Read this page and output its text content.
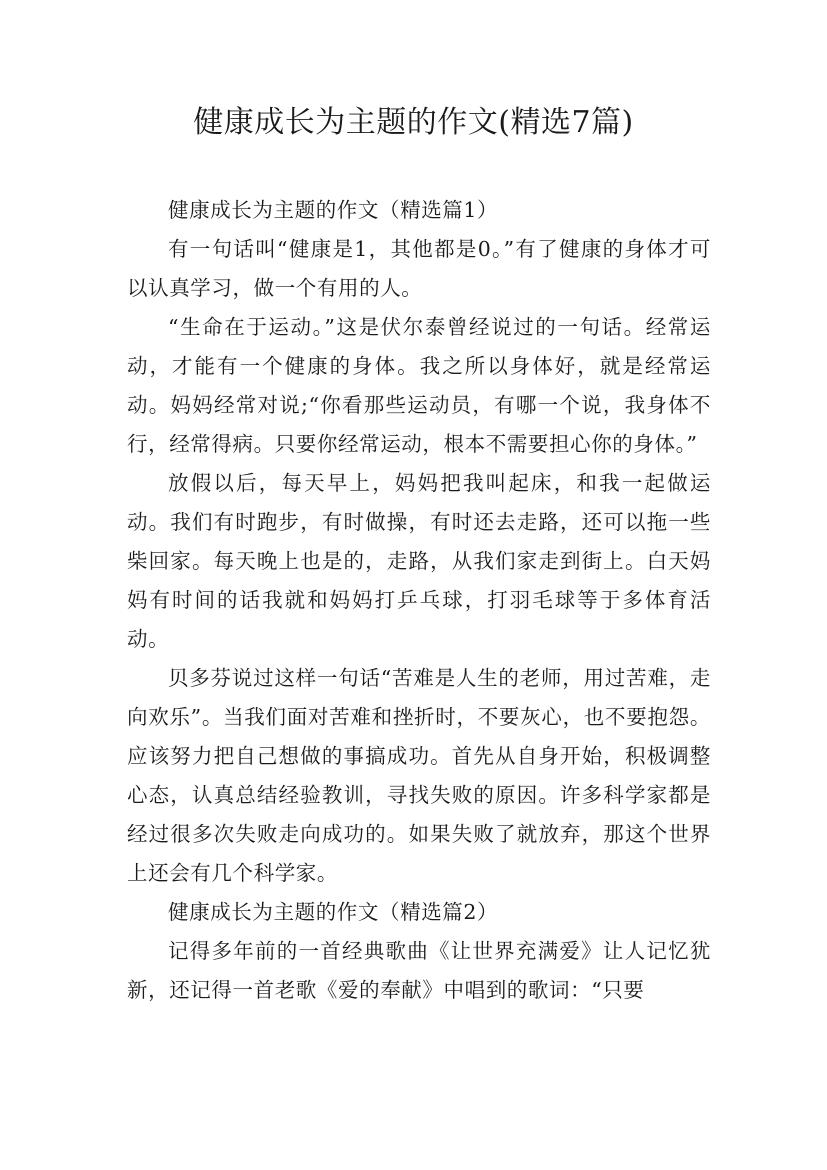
健康成长为主题的作文(精选7篇)

健康成长为主题的作文（精选篇1）

有一句话叫“健康是1，其他都是0。”有了健康的身体才可以认真学习，做一个有用的人。

“生命在于运动。”这是伏尔泰曾经说过的一句话。经常运动，才能有一个健康的身体。我之所以身体好，就是经常运动。妈妈经常对说;“你看那些运动员，有哪一个说，我身体不行，经常得病。只要你经常运动，根本不需要担心你的身体。”

放假以后，每天早上，妈妈把我叫起床，和我一起做运动。我们有时跑步，有时做操，有时还去走路，还可以拖一些柴回家。每天晚上也是的，走路，从我们家走到街上。白天妈妈有时间的话我就和妈妈打乒乓球，打羽毛球等于多体育活动。

贝多芬说过这样一句话“苦难是人生的老师，用过苦难，走向欢乐”。当我们面对苦难和挫折时，不要灰心，也不要抱怨。应该努力把自己想做的事搞成功。首先从自身开始，积极调整心态，认真总结经验教训，寻找失败的原因。许多科学家都是经过很多次失败走向成功的。如果失败了就放弃，那这个世界上还会有几个科学家。

健康成长为主题的作文（精选篇2）

记得多年前的一首经典歌曲《让世界充满爱》让人记忆犹新，还记得一首老歌《爱的奉献》中唱到的歌词：“只要
